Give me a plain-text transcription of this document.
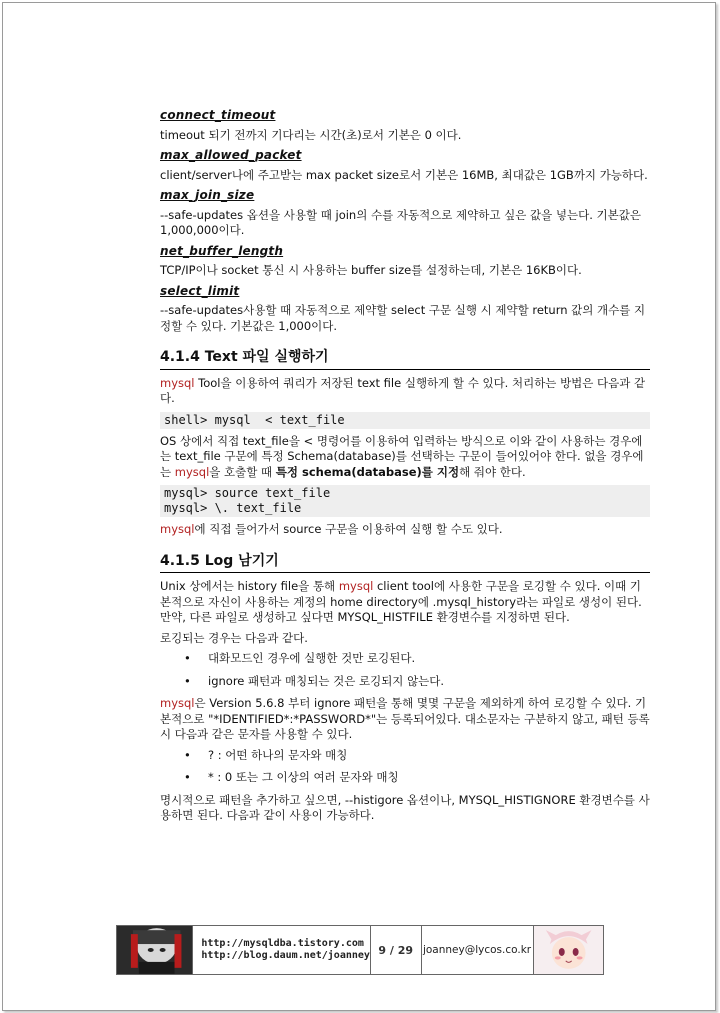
connect_timeout
timeout 되기 전까지 기다리는 시간(초)로서 기본은 0 이다.
max_allowed_packet
client/server나에 주고받는 max packet size로서 기본은 16MB, 최대값은 1GB까지 가능하다.
max_join_size
--safe-updates 옵션을 사용할 때 join의 수를 자동적으로 제약하고 싶은 값을 넣는다. 기본값은 1,000,000이다.
net_buffer_length
TCP/IP이나 socket 통신 시 사용하는 buffer size를 설정하는데, 기본은 16KB이다.
select_limit
--safe-updates사용할 때 자동적으로 제약할 select 구문 실행 시 제약할 return 값의 개수를 지정할 수 있다. 기본값은 1,000이다.
4.1.4 Text 파일 실행하기
mysql Tool을 이용하여 쿼리가 저장된 text file 실행하게 할 수 있다. 처리하는 방법은 다음과 같다.
shell> mysql  < text_file
OS 상에서 직접 text_file을 < 명령어를 이용하여 입력하는 방식으로 이와 같이 사용하는 경우에는 text_file 구문에 특정 Schema(database)를 선택하는 구문이 들어있어야 한다. 없을 경우에는 mysql을 호출할 때 특정 schema(database)를 지정해 줘야 한다.
mysql> source text_file
mysql> \. text_file
mysql에 직접 들어가서 source 구문을 이용하여 실행 할 수도 있다.
4.1.5 Log 남기기
Unix 상에서는 history file을 통해 mysql client tool에 사용한 구문을 로깅할 수 있다. 이때 기본적으로 자신이 사용하는 계정의 home directory에 .mysql_history라는 파일로 생성이 된다. 만약, 다른 파일로 생성하고 싶다면 MYSQL_HISTFILE 환경변수를 지정하면 된다.
로깅되는 경우는 다음과 같다.
• 대화모드인 경우에 실행한 것만 로깅된다.
• ignore 패턴과 매칭되는 것은 로깅되지 않는다.
mysql은 Version 5.6.8 부터 ignore 패턴을 통해 몇몇 구문을 제외하게 하여 로깅할 수 있다. 기본적으로 "*IDENTIFIED*:*PASSWORD*"는 등록되어있다. 대소문자는 구분하지 않고, 패턴 등록 시 다음과 같은 문자를 사용할 수 있다.
• ? : 어떤 하나의 문자와 매칭
• * : 0 또는 그 이상의 여러 문자와 매칭
명시적으로 패턴을 추가하고 싶으면, --histigore 옵션이나, MYSQL_HISTIGNORE 환경변수를 사용하면 된다. 다음과 같이 사용이 가능하다.
http://mysqldba.tistory.com
http://blog.daum.net/joanney 9 / 29 joanney@lycos.co.kr
